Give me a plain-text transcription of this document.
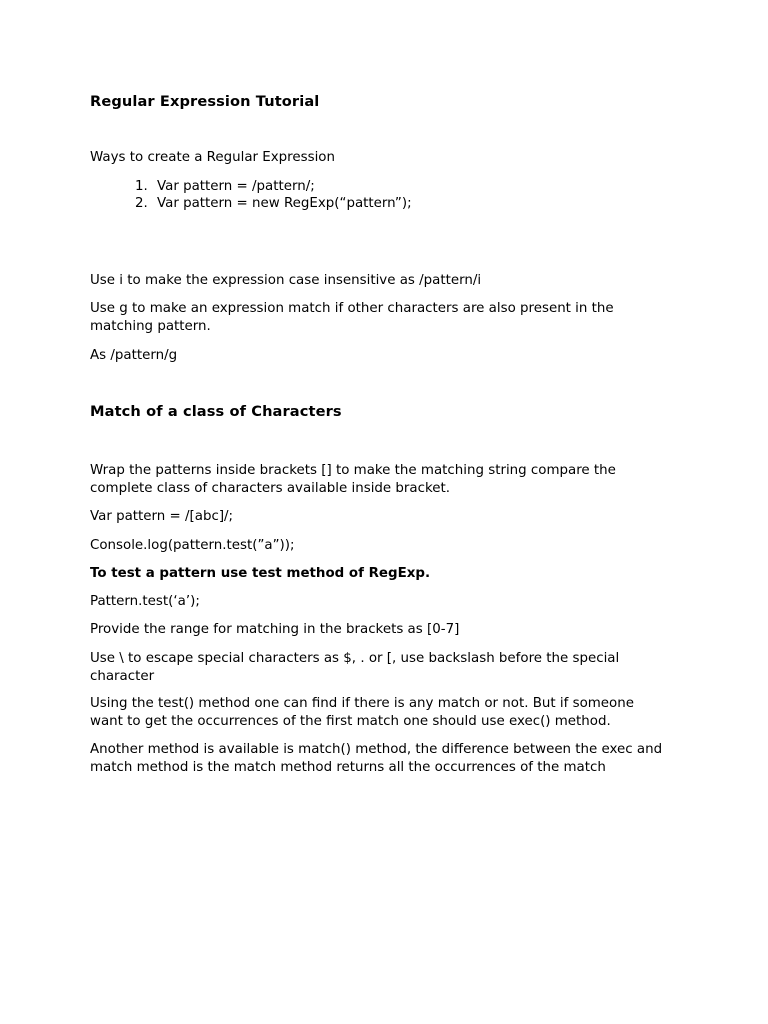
Regular Expression Tutorial
Ways to create a Regular Expression
1. Var pattern = /pattern/;
2. Var pattern = new RegExp(“pattern”);
Use i to make the expression case insensitive as /pattern/i
Use g to make an expression match if other characters are also present in the matching pattern.
As /pattern/g
Match of a class of Characters
Wrap the patterns inside brackets [] to make the matching string compare the complete class of characters available inside bracket.
Var pattern = /[abc]/;
Console.log(pattern.test(”a”));
To test a pattern use test method of RegExp.
Pattern.test(‘a’);
Provide the range for matching in the brackets as [0-7]
Use \ to escape special characters as $, . or [, use backslash before the special character
Using the test() method one can find if there is any match or not. But if someone want to get the occurrences of the first match one should use exec() method.
Another method is available is match() method, the difference between the exec and match method is the match method returns all the occurrences of the match
